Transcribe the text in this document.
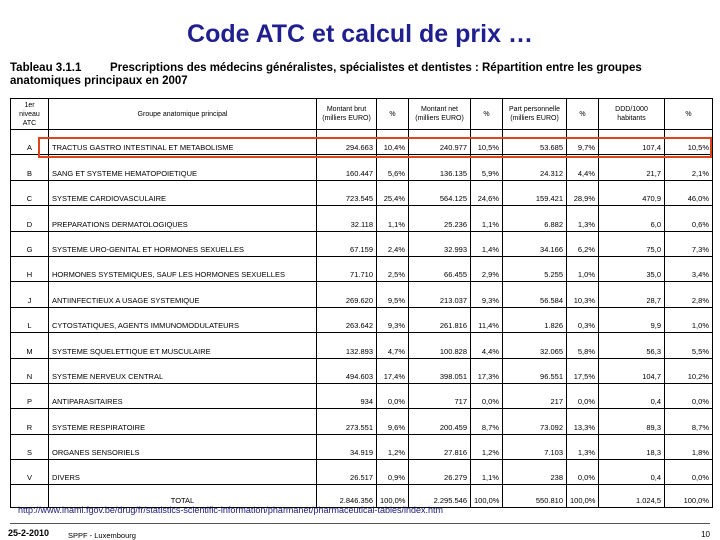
Code ATC et calcul de prix …
Tableau 3.1.1 Prescriptions des médecins généralistes, spécialistes et dentistes : Répartition entre les groupes anatomiques principaux en 2007
1er niveau ATC	Groupe anatomique principal	Montant brut (milliers EURO)	%	Montant net (milliers EURO)	%	Part personnelle (milliers EURO)	%	DDD/1000 habitants	%
A	TRACTUS GASTRO INTESTINAL ET METABOLISME	294.663	10,4%	240.977	10,5%	53.685	9,7%	107,4	10,5%
B	SANG ET SYSTEME HEMATOPOIETIQUE	160.447	5,6%	136.135	5,9%	24.312	4,4%	21,7	2,1%
C	SYSTEME CARDIOVASCULAIRE	723.545	25,4%	564.125	24,6%	159.421	28,9%	470,9	46,0%
D	PREPARATIONS DERMATOLOGIQUES	32.118	1,1%	25.236	1,1%	6.882	1,3%	6,0	0,6%
G	SYSTEME URO-GENITAL ET HORMONES SEXUELLES	67.159	2,4%	32.993	1,4%	34.166	6,2%	75,0	7,3%
H	HORMONES SYSTEMIQUES, SAUF LES HORMONES SEXUELLES	71.710	2,5%	66.455	2,9%	5.255	1,0%	35,0	3,4%
J	ANTIINFECTIEUX A USAGE SYSTEMIQUE	269.620	9,5%	213.037	9,3%	56.584	10,3%	28,7	2,8%
L	CYTOSTATIQUES, AGENTS IMMUNOMODULATEURS	263.642	9,3%	261.816	11,4%	1.826	0,3%	9,9	1,0%
M	SYSTEME SQUELETTIQUE ET MUSCULAIRE	132.893	4,7%	100.828	4,4%	32.065	5,8%	56,3	5,5%
N	SYSTEME NERVEUX CENTRAL	494.603	17,4%	398.051	17,3%	96.551	17,5%	104,7	10,2%
P	ANTIPARASITAIRES	934	0,0%	717	0,0%	217	0,0%	0,4	0,0%
R	SYSTEME RESPIRATOIRE	273.551	9,6%	200.459	8,7%	73.092	13,3%	89,3	8,7%
S	ORGANES SENSORIELS	34.919	1,2%	27.816	1,2%	7.103	1,3%	18,3	1,8%
V	DIVERS	26.517	0,9%	26.279	1,1%	238	0,0%	0,4	0,0%
	TOTAL	2.846.356	100,0%	2.295.546	100,0%	550.810	100,0%	1.024,5	100,0%
http://www.inami.fgov.be/drug/fr/statistics-scientific-information/pharmanet/pharmaceutical-tables/index.htm
25-2-2010	SPPF - Luxembourg	10
